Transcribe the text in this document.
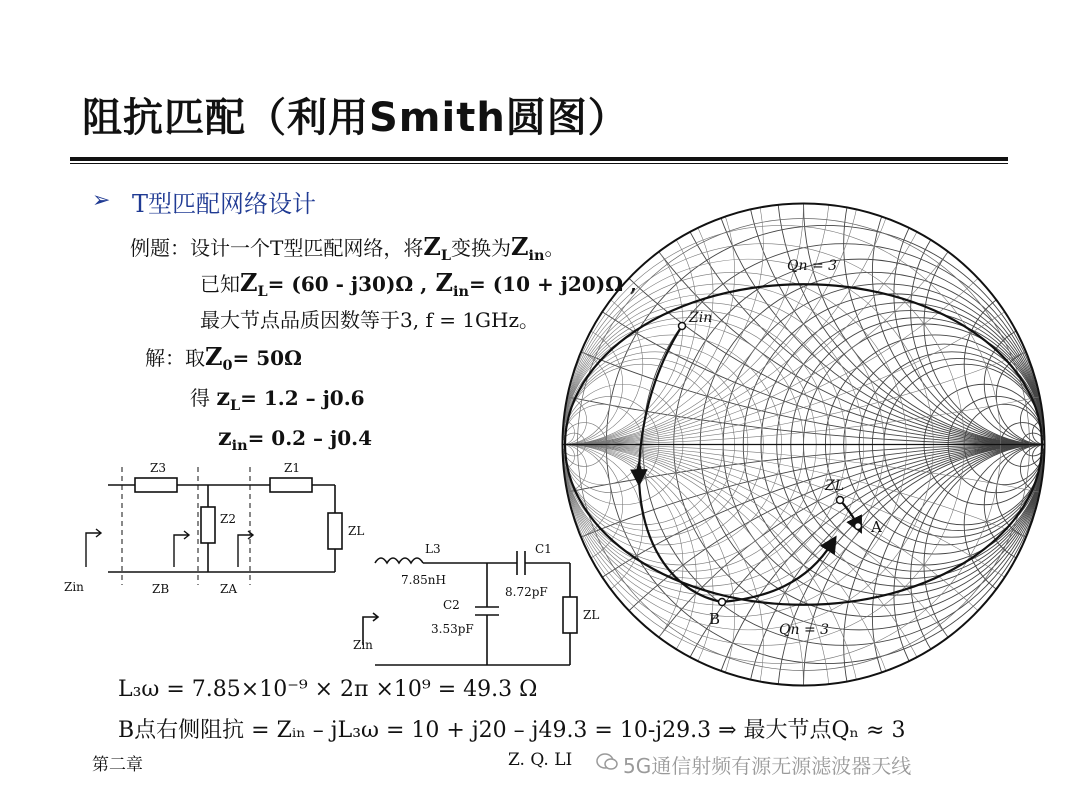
阻抗匹配（利用Smith圆图）
➢ T型匹配网络设计
例题：设计一个T型匹配网络，将$Z_L$变换为$Z_{in}$。
已知$Z_L= (60 - j30)\Omega$ , $Z_{in}= (10 + j20)\Omega$ ,
最大节点品质因数等于3, f = 1GHz。
解：取$Z_0= 50\Omega$
得 $z_L= 1.2 - j0.6$
$z_{in}= 0.2 - j0.4$
Z3	Z1
Z2
ZL
Zin	ZB	ZA
L3
7.85nH
C1
8.72pF
C2
3.53pF
ZL
Zin
Qn = 3
Qn = 3
Zin
ZL
A
B
L₃ω = 7.85×10⁻⁹ × 2π ×10⁹ = 49.3 Ω
B点右侧阻抗 = Zᵢₙ – jL₃ω = 10 + j20 – j49.3 = 10-j29.3 ⇒ 最大节点Qₙ ≈ 3
第二章	Z. Q. LI	5G通信射频有源无源滤波器天线
